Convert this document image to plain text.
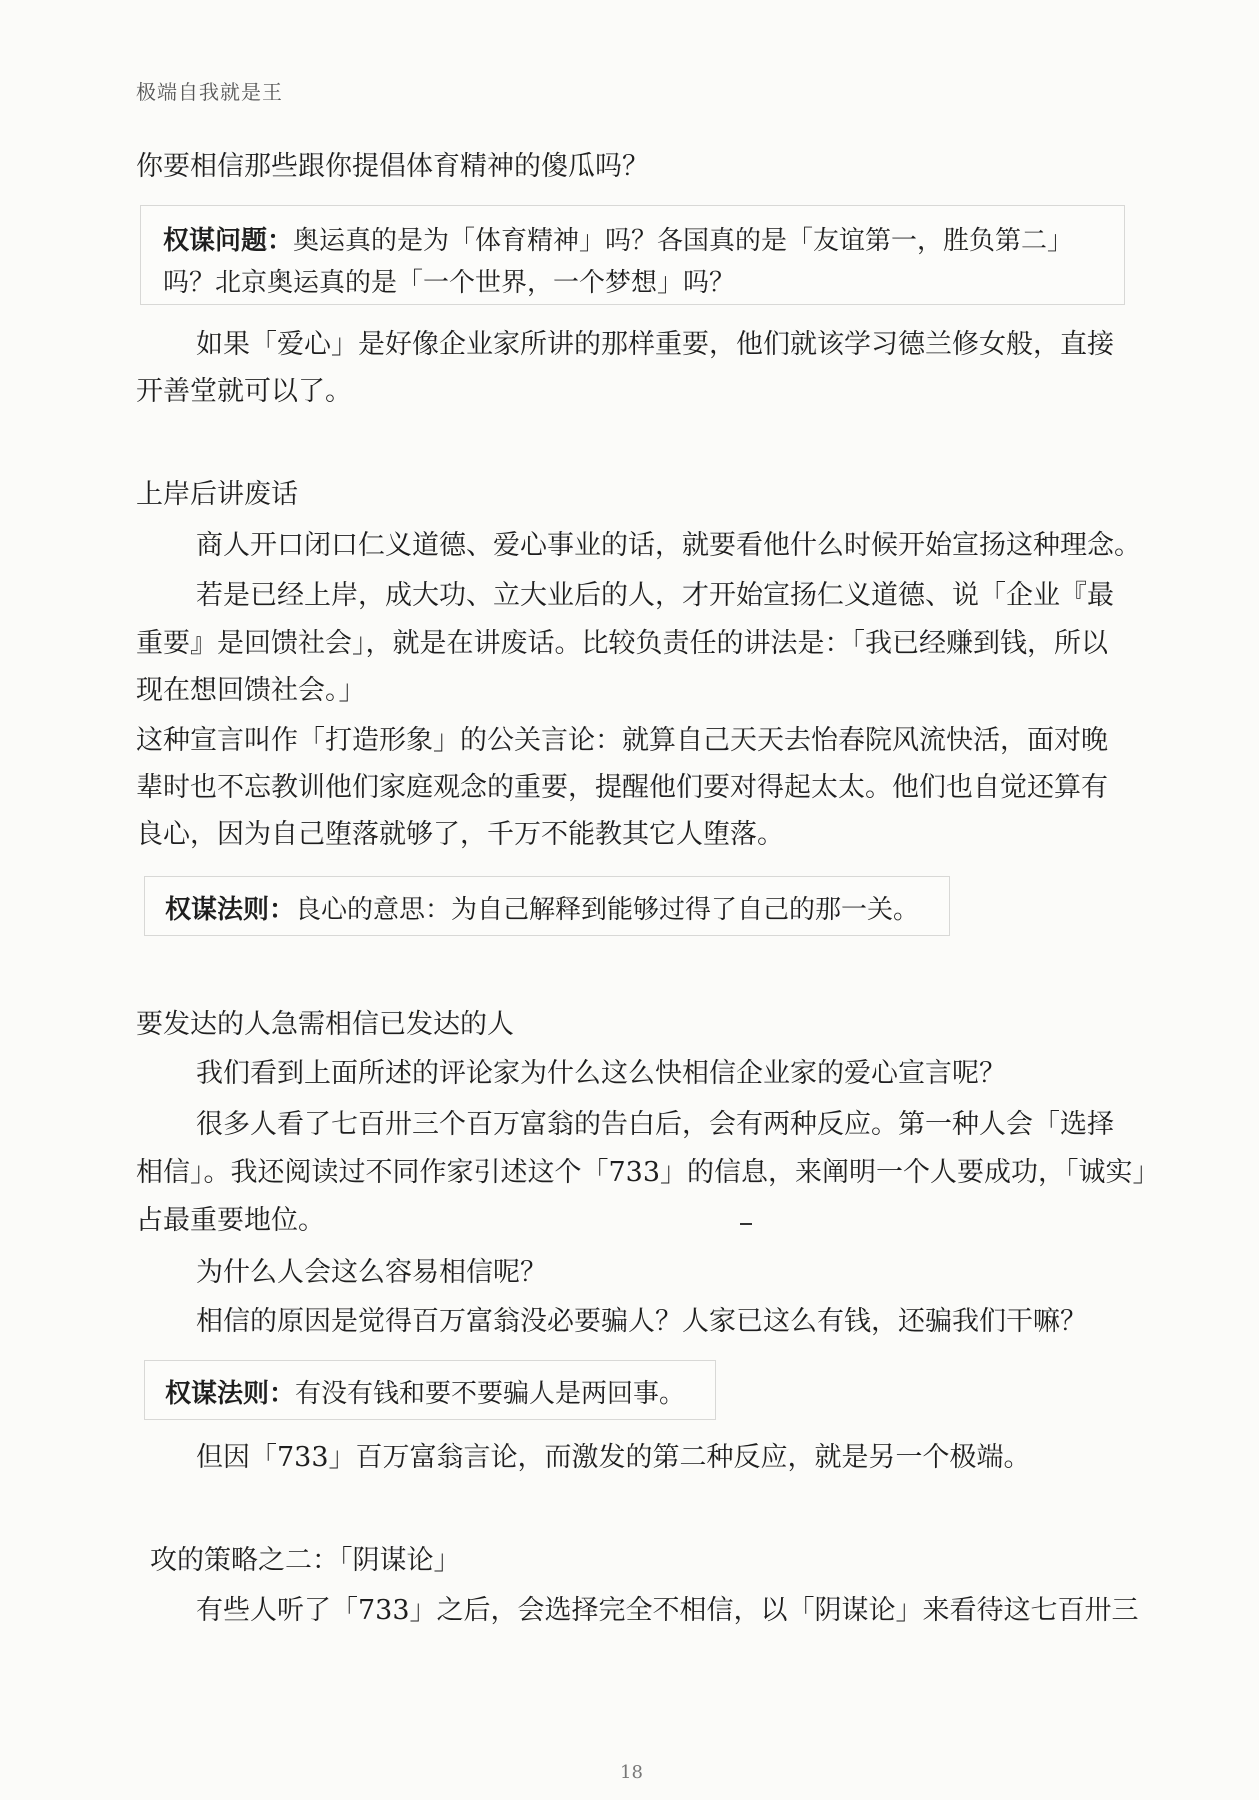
极端自我就是王
你要相信那些跟你提倡体育精神的傻瓜吗？
权谋问题：奥运真的是为「体育精神」吗？各国真的是「友谊第一，胜负第二」
吗？北京奥运真的是「一个世界，一个梦想」吗？
如果「爱心」是好像企业家所讲的那样重要，他们就该学习德兰修女般，直接
开善堂就可以了。
上岸后讲废话
商人开口闭口仁义道德、爱心事业的话，就要看他什么时候开始宣扬这种理念。
若是已经上岸，成大功、立大业后的人，才开始宣扬仁义道德、说「企业『最
重要』是回馈社会」，就是在讲废话。比较负责任的讲法是：「我已经赚到钱，所以
现在想回馈社会。」
这种宣言叫作「打造形象」的公关言论：就算自己天天去怡春院风流快活，面对晚
辈时也不忘教训他们家庭观念的重要，提醒他们要对得起太太。他们也自觉还算有
良心，因为自己堕落就够了，千万不能教其它人堕落。
权谋法则：良心的意思：为自己解释到能够过得了自己的那一关。
要发达的人急需相信已发达的人
我们看到上面所述的评论家为什么这么快相信企业家的爱心宣言呢？
很多人看了七百卅三个百万富翁的告白后，会有两种反应。第一种人会「选择
相信」。我还阅读过不同作家引述这个「733」的信息，来阐明一个人要成功，「诚实」
占最重要地位。
为什么人会这么容易相信呢？
相信的原因是觉得百万富翁没必要骗人？人家已这么有钱，还骗我们干嘛？
权谋法则：有没有钱和要不要骗人是两回事。
但因「733」百万富翁言论，而激发的第二种反应，就是另一个极端。
攻的策略之二：「阴谋论」
有些人听了「733」之后，会选择完全不相信，以「阴谋论」来看待这七百卅三
18
